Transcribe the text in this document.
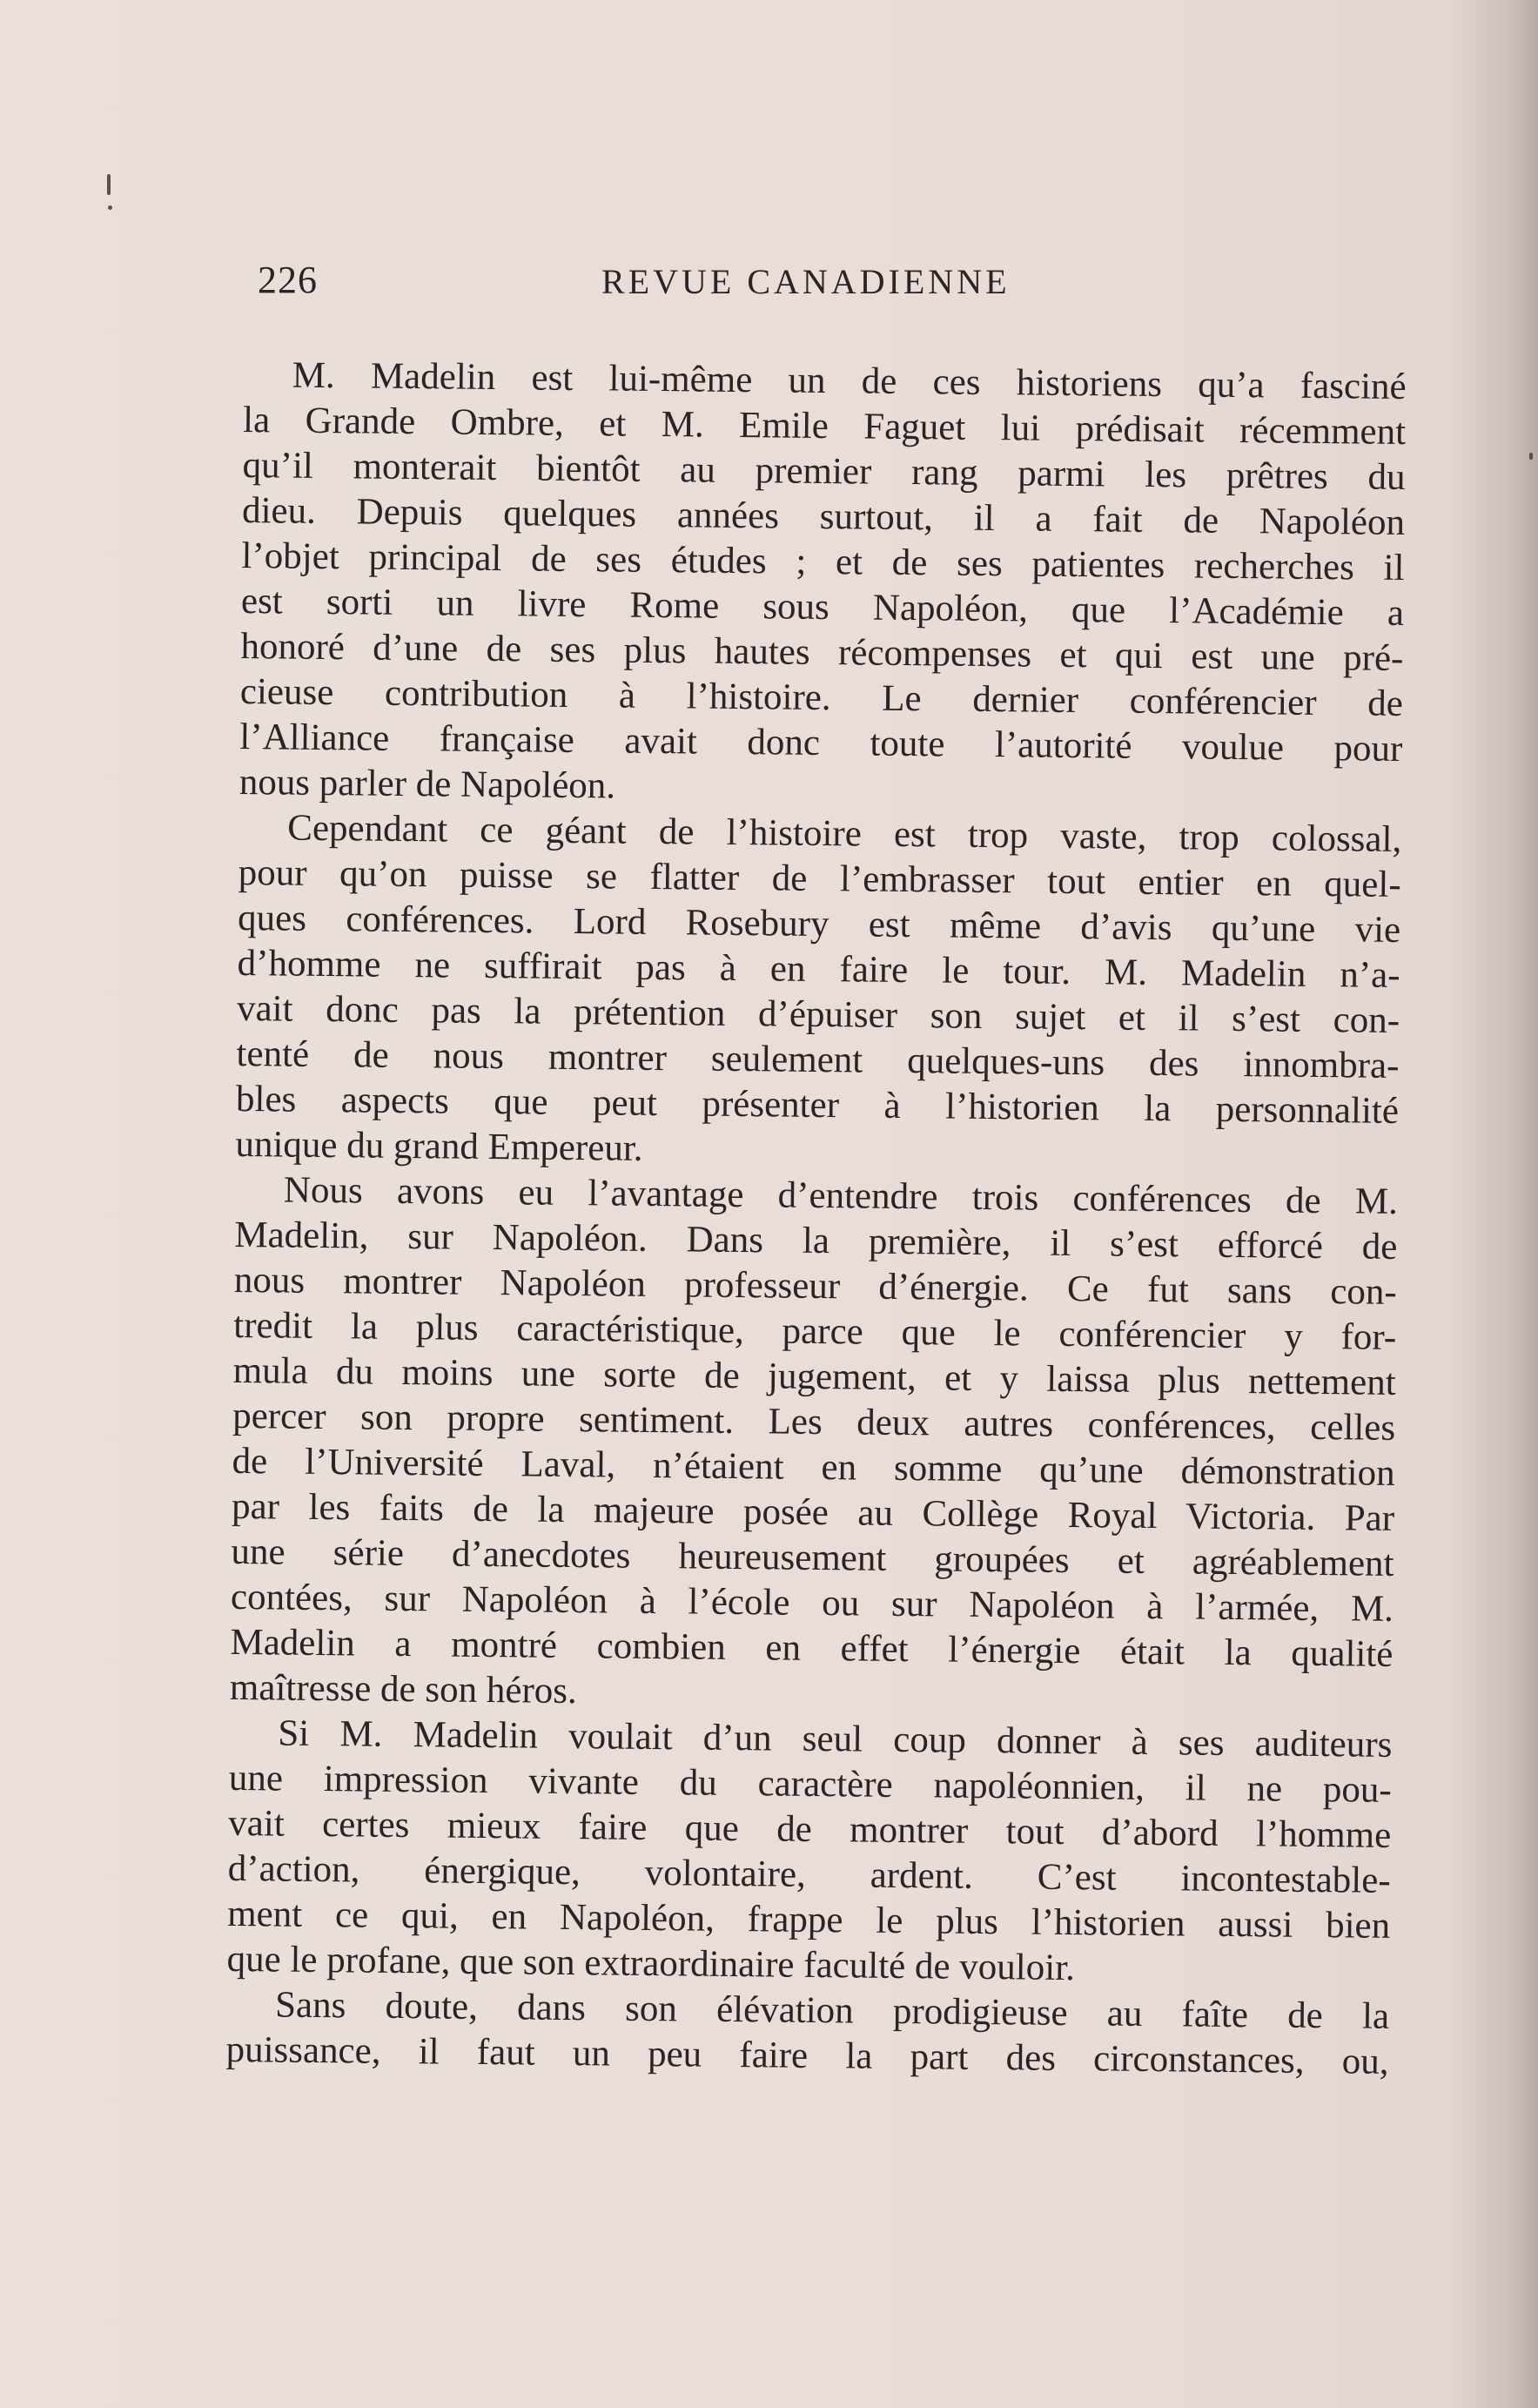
226	REVUE CANADIENNE

M. Madelin est lui-même un de ces historiens qu’a fasciné
la Grande Ombre, et M. Emile Faguet lui prédisait récemment
qu’il monterait bientôt au premier rang parmi les prêtres du
dieu. Depuis quelques années surtout, il a fait de Napoléon
l’objet principal de ses études ; et de ses patientes recherches il
est sorti un livre Rome sous Napoléon, que l’Académie a
honoré d’une de ses plus hautes récompenses et qui est une pré-
cieuse contribution à l’histoire. Le dernier conférencier de
l’Alliance française avait donc toute l’autorité voulue pour
nous parler de Napoléon.

Cependant ce géant de l’histoire est trop vaste, trop colossal,
pour qu’on puisse se flatter de l’embrasser tout entier en quel-
ques conférences. Lord Rosebury est même d’avis qu’une vie
d’homme ne suffirait pas à en faire le tour. M. Madelin n’a-
vait donc pas la prétention d’épuiser son sujet et il s’est con-
tenté de nous montrer seulement quelques-uns des innombra-
bles aspects que peut présenter à l’historien la personnalité
unique du grand Empereur.

Nous avons eu l’avantage d’entendre trois conférences de M.
Madelin, sur Napoléon. Dans la première, il s’est efforcé de
nous montrer Napoléon professeur d’énergie. Ce fut sans con-
tredit la plus caractéristique, parce que le conférencier y for-
mula du moins une sorte de jugement, et y laissa plus nettement
percer son propre sentiment. Les deux autres conférences, celles
de l’Université Laval, n’étaient en somme qu’une démonstration
par les faits de la majeure posée au Collège Royal Victoria. Par
une série d’anecdotes heureusement groupées et agréablement
contées, sur Napoléon à l’école ou sur Napoléon à l’armée, M.
Madelin a montré combien en effet l’énergie était la qualité
maîtresse de son héros.

Si M. Madelin voulait d’un seul coup donner à ses auditeurs
une impression vivante du caractère napoléonnien, il ne pou-
vait certes mieux faire que de montrer tout d’abord l’homme
d’action, énergique, volontaire, ardent. C’est incontestable-
ment ce qui, en Napoléon, frappe le plus l’historien aussi bien
que le profane, que son extraordinaire faculté de vouloir.

Sans doute, dans son élévation prodigieuse au faîte de la
puissance, il faut un peu faire la part des circonstances, ou,
